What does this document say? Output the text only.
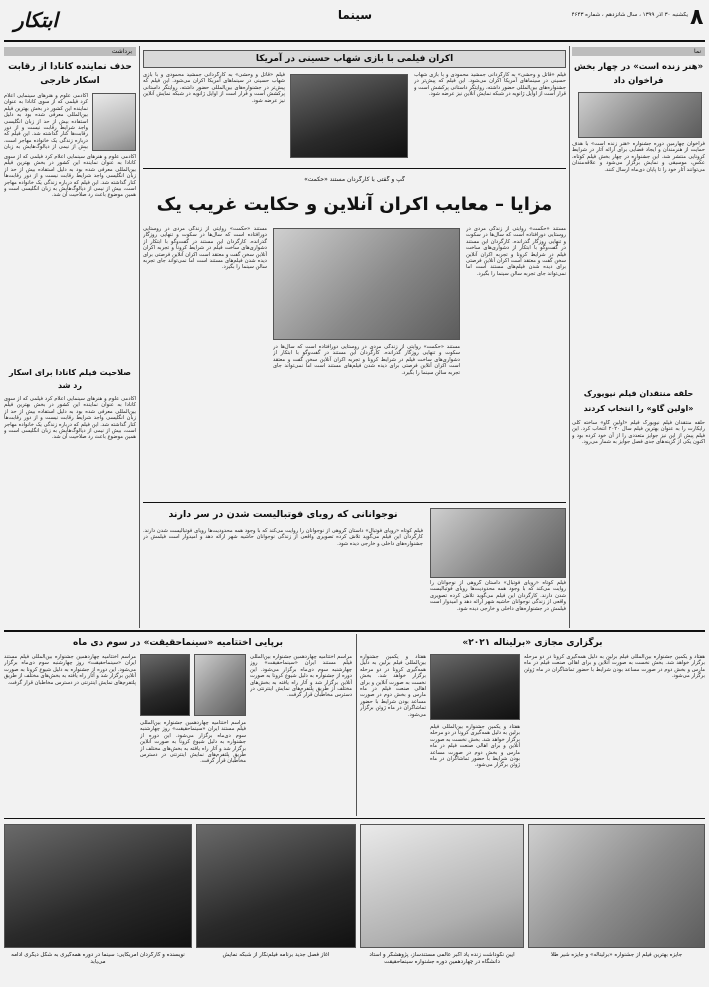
۸
یکشنبه ۳۰ آذر ۱۳۹۹ ، سال شانزدهم ، شماره ۴۶۴۳
سینما
ابتکار
برداشت
حذف نماینده کانادا از رقابت اسکار خارجی
آکادمی علوم و هنرهای سینمایی اعلام کرد فیلمی که از سوی کانادا به عنوان نماینده این کشور در بخش بهترین فیلم بین‌المللی معرفی شده بود به دلیل استفاده بیش از حد از زبان انگلیسی واجد شرایط رقابت نیست و از دور رقابت‌ها کنار گذاشته شد. این فیلم که درباره زندگی یک خانواده مهاجر است، بیش از نیمی از دیالوگ‌هایش به زبان
آکادمی علوم و هنرهای سینمایی اعلام کرد فیلمی که از سوی کانادا به عنوان نماینده این کشور در بخش بهترین فیلم بین‌المللی معرفی شده بود به دلیل استفاده بیش از حد از زبان انگلیسی واجد شرایط رقابت نیست و از دور رقابت‌ها کنار گذاشته شد. این فیلم که درباره زندگی یک خانواده مهاجر است، بیش از نیمی از دیالوگ‌هایش به زبان انگلیسی است و همین موضوع باعث رد صلاحیت آن شد.
صلاحیت فیلم کانادا برای اسکار رد شد
آکادمی علوم و هنرهای سینمایی اعلام کرد فیلمی که از سوی کانادا به عنوان نماینده این کشور در بخش بهترین فیلم بین‌المللی معرفی شده بود به دلیل استفاده بیش از حد از زبان انگلیسی واجد شرایط رقابت نیست و از دور رقابت‌ها کنار گذاشته شد. این فیلم که درباره زندگی یک خانواده مهاجر است، بیش از نیمی از دیالوگ‌هایش به زبان انگلیسی است و همین موضوع باعث رد صلاحیت آن شد.
نما
«هنر زنده است» در چهار بخش فراخوان داد
فراخوان چهارمین دوره جشنواره «هنر زنده است» با هدف حمایت از هنرمندان و ایجاد فضایی برای ارائه آثار در شرایط کرونایی منتشر شد. این جشنواره در چهار بخش فیلم کوتاه، عکس، موسیقی و نمایش برگزار می‌شود و علاقه‌مندان می‌توانند آثار خود را تا پایان دی‌ماه ارسال کنند.
حلقه منتقدان فیلم نیویورک «اولین گاو» را انتخاب کردند
حلقه منتقدان فیلم نیویورک فیلم «اولین گاو» ساخته کلی رایکارت را به عنوان بهترین فیلم سال ۲۰۲۰ انتخاب کرد. این فیلم پیش از این نیز جوایز متعددی را از آن خود کرده بود و اکنون یکی از گزینه‌های جدی فصل جوایز به شمار می‌رود.
اکران فیلمی با بازی شهاب حسینی در آمریکا
فیلم «قاتل و وحشی» به کارگردانی جمشید محمودی و با بازی شهاب حسینی در سینماهای آمریکا اکران می‌شود. این فیلم که پیش‌تر در جشنواره‌های بین‌المللی حضور داشته، روایتگر داستانی پرکشش است و قرار است از اوایل ژانویه در شبکه نمایش آنلاین نیز عرضه شود.
فیلم «قاتل و وحشی» به کارگردانی جمشید محمودی و با بازی شهاب حسینی در سینماهای آمریکا اکران می‌شود. این فیلم که پیش‌تر در جشنواره‌های بین‌المللی حضور داشته، روایتگر داستانی پرکشش است و قرار است از اوایل ژانویه در شبکه نمایش آنلاین نیز عرضه شود.
گپ و گفتی با کارگردان مستند «حکمت»
مزایا – معایب اکران آنلاین و حکایت غریب یک
مستند «حکمت» روایتی از زندگی مردی در روستایی دورافتاده است که سال‌ها در سکوت و تنهایی روزگار گذرانده. کارگردان این مستند در گفت‌وگو با ابتکار از دشواری‌های ساخت فیلم در شرایط کرونا و تجربه اکران آنلاین سخن گفت و معتقد است اکران آنلاین فرصتی برای دیده شدن فیلم‌های مستند است اما نمی‌تواند جای تجربه سالن سینما را بگیرد.
مستند «حکمت» روایتی از زندگی مردی در روستایی دورافتاده است که سال‌ها در سکوت و تنهایی روزگار گذرانده. کارگردان این مستند در گفت‌وگو با ابتکار از دشواری‌های ساخت فیلم در شرایط کرونا و تجربه اکران آنلاین سخن گفت و معتقد است اکران آنلاین فرصتی برای دیده شدن فیلم‌های مستند است اما نمی‌تواند جای تجربه سالن سینما را بگیرد.
مستند «حکمت» روایتی از زندگی مردی در روستایی دورافتاده است که سال‌ها در سکوت و تنهایی روزگار گذرانده. کارگردان این مستند در گفت‌وگو با ابتکار از دشواری‌های ساخت فیلم در شرایط کرونا و تجربه اکران آنلاین سخن گفت و معتقد است اکران آنلاین فرصتی برای دیده شدن فیلم‌های مستند است اما نمی‌تواند جای تجربه سالن سینما را بگیرد.
نوجوانانی که رویای فوتبالیست شدن در سر دارند
فیلم کوتاه «رویای فوتبال» داستان گروهی از نوجوانان را روایت می‌کند که با وجود همه محدودیت‌ها رویای فوتبالیست شدن دارند. کارگردان این فیلم می‌گوید تلاش کرده تصویری واقعی از زندگی نوجوانان حاشیه شهر ارائه دهد و امیدوار است فیلمش در جشنواره‌های داخلی و خارجی دیده شود.
فیلم کوتاه «رویای فوتبال» داستان گروهی از نوجوانان را روایت می‌کند که با وجود همه محدودیت‌ها رویای فوتبالیست شدن دارند. کارگردان این فیلم می‌گوید تلاش کرده تصویری واقعی از زندگی نوجوانان حاشیه شهر ارائه دهد و امیدوار است فیلمش در جشنواره‌های داخلی و خارجی دیده شود.
برپایی اختتامیه «سینماحقیقت» در سوم دی ماه
مراسم اختتامیه چهاردهمین جشنواره بین‌المللی فیلم مستند ایران «سینماحقیقت» روز چهارشنبه سوم دی‌ماه برگزار می‌شود. این دوره از جشنواره به دلیل شیوع کرونا به صورت آنلاین برگزار شد و آثار راه یافته به بخش‌های مختلف از طریق پلتفرم‌های نمایش اینترنتی در دسترس مخاطبان قرار گرفت.
مراسم اختتامیه چهاردهمین جشنواره بین‌المللی فیلم مستند ایران «سینماحقیقت» روز چهارشنبه سوم دی‌ماه برگزار می‌شود. این دوره از جشنواره به دلیل شیوع کرونا به صورت آنلاین برگزار شد و آثار راه یافته به بخش‌های مختلف از طریق پلتفرم‌های نمایش اینترنتی در دسترس مخاطبان قرار گرفت.
مراسم اختتامیه چهاردهمین جشنواره بین‌المللی فیلم مستند ایران «سینماحقیقت» روز چهارشنبه سوم دی‌ماه برگزار می‌شود. این دوره از جشنواره به دلیل شیوع کرونا به صورت آنلاین برگزار شد و آثار راه یافته به بخش‌های مختلف از طریق پلتفرم‌های نمایش اینترنتی در دسترس مخاطبان قرار گرفت.
برگزاری مجازی «برلیناله ۲۰۲۱»
هفتاد و یکمین جشنواره بین‌المللی فیلم برلین به دلیل همه‌گیری کرونا در دو مرحله برگزار خواهد شد. بخش نخست به صورت آنلاین و برای اهالی صنعت فیلم در ماه مارس و بخش دوم در صورت مساعد بودن شرایط با حضور تماشاگران در ماه ژوئن برگزار می‌شود.
هفتاد و یکمین جشنواره بین‌المللی فیلم برلین به دلیل همه‌گیری کرونا در دو مرحله برگزار خواهد شد. بخش نخست به صورت آنلاین و برای اهالی صنعت فیلم در ماه مارس و بخش دوم در صورت مساعد بودن شرایط با حضور تماشاگران در ماه ژوئن برگزار می‌شود.
هفتاد و یکمین جشنواره بین‌المللی فیلم برلین به دلیل همه‌گیری کرونا در دو مرحله برگزار خواهد شد. بخش نخست به صورت آنلاین و برای اهالی صنعت فیلم در ماه مارس و بخش دوم در صورت مساعد بودن شرایط با حضور تماشاگران در ماه ژوئن برگزار می‌شود.
جایزه بهترین فیلم از جشنواره «برلیناله» و جایزه شیر طلا
آیین نکوداشت زنده یاد اکبر عالمی مستندساز، پژوهشگر و استاد دانشگاه در چهاردهمین دوره جشنواره سینماحقیقت
آغاز فصل جدید برنامه فیلم‌نگار از شبکه نمایش
نویسنده و کارگردان آمریکایی: سینما در دوره همه‌گیری به شکل دیگری ادامه می‌یابد
